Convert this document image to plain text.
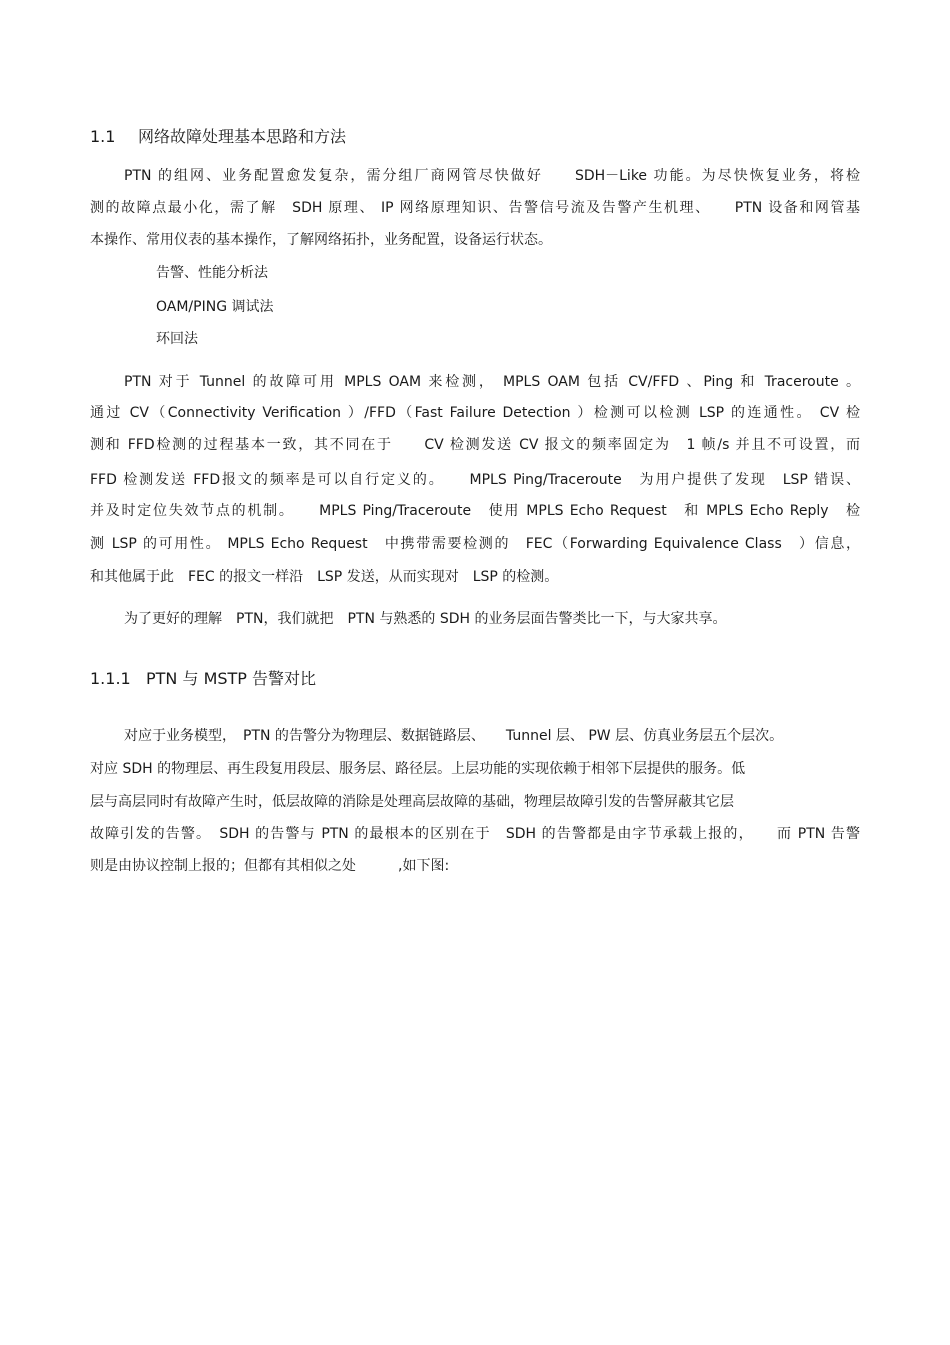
1.1 网络故障处理基本思路和方法
PTN 的组网、业务配置愈发复杂，需分组厂商网管尽快做好　　SDH－Like 功能。为尽快恢复业务，将检
测的故障点最小化，需了解　SDH 原理、 IP 网络原理知识、告警信号流及告警产生机理、　　PTN 设备和网管基
本操作、常用仪表的基本操作，了解网络拓扑，业务配置，设备运行状态。
告警、性能分析法
OAM/PING 调试法
环回法
PTN 对于 Tunnel 的故障可用 MPLS OAM 来检测， MPLS OAM 包括 CV/FFD 、Ping 和 Traceroute 。
通过 CV（Connectivity Verification ）/FFD（Fast Failure Detection ）检测可以检测 LSP 的连通性。 CV 检
测和 FFD检测的过程基本一致，其不同在于　　CV 检测发送 CV 报文的频率固定为　1 帧/s 并且不可设置，而
FFD 检测发送 FFD报文的频率是可以自行定义的。　　MPLS Ping/Traceroute　为用户提供了发现　LSP 错误、
并及时定位失效节点的机制。　　MPLS Ping/Traceroute　使用 MPLS Echo Request　和 MPLS Echo Reply　检
测 LSP 的可用性。 MPLS Echo Request　中携带需要检测的　FEC（Forwarding Equivalence Class　）信息，
和其他属于此　FEC 的报文一样沿　LSP 发送，从而实现对　LSP 的检测。
为了更好的理解　PTN，我们就把　PTN 与熟悉的 SDH 的业务层面告警类比一下，与大家共享。
1.1.1 PTN 与 MSTP 告警对比
对应于业务模型，　PTN 的告警分为物理层、数据链路层、　　Tunnel 层、 PW 层、仿真业务层五个层次。
对应 SDH 的物理层、再生段复用段层、服务层、路径层。上层功能的实现依赖于相邻下层提供的服务。低
层与高层同时有故障产生时，低层故障的消除是处理高层故障的基础，物理层故障引发的告警屏蔽其它层
故障引发的告警。　SDH 的告警与 PTN 的最根本的区别在于　SDH 的告警都是由字节承载上报的，　　而 PTN 告警
则是由协议控制上报的；但都有其相似之处　　　,如下图:
